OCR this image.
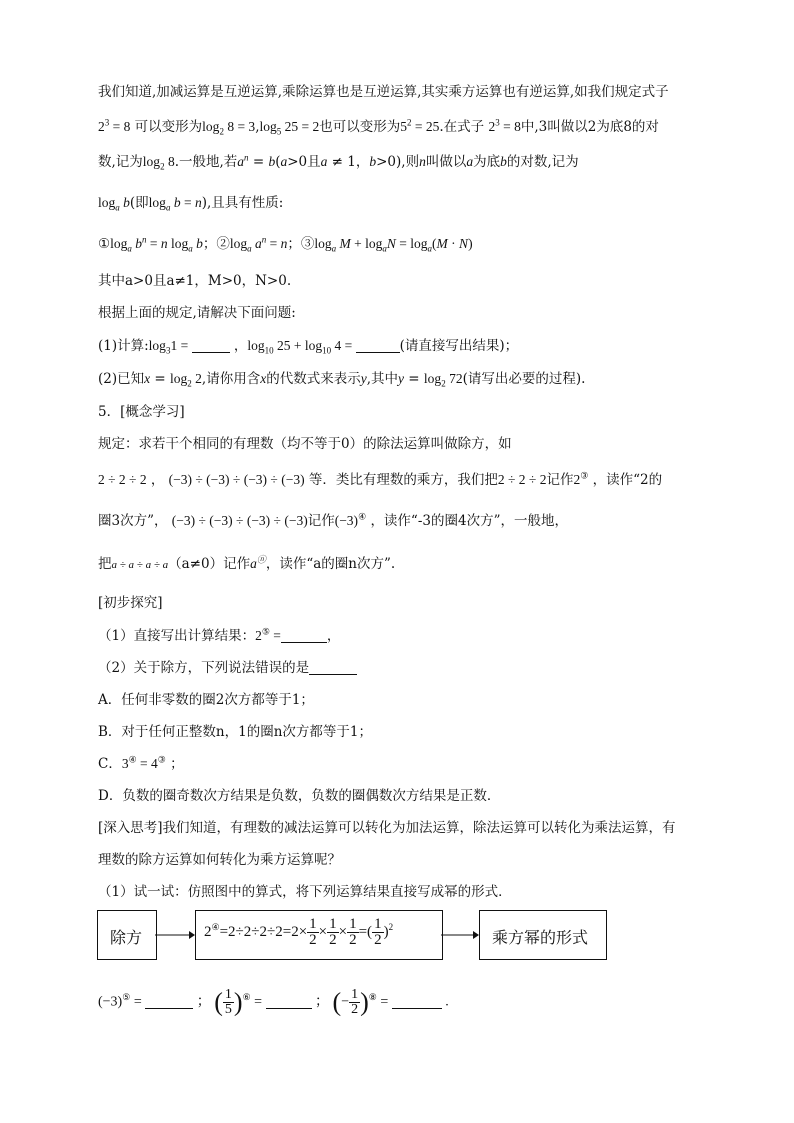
我们知道,加减运算是互逆运算,乘除运算也是互逆运算,其实乘方运算也有逆运算,如我们规定式子
$2^3 = 8$ 可以变形为$\log_2 8 = 3,\log_5$ 25 = 2也可以变形为$5^2 = 25$.在式子 $2^3 = 8$中,3叫做以2为底8的对
数,记为$\log_2 8$.一般地,若$a^n = b(a>0$且a ≠ 1，b>0),则n叫做以a为底b的对数,记为
$\log_a b$(即$\log_a b = n$),且具有性质:
$①\log_a$ $b^n = n$ $\log_a b$；$②\log_a$ $a^n = n$；$③\log_a$ $M + \log_aN = \log_a(M \cdot N)$
其中a>0且a≠1，M>0，N>0.
根据上面的规定,请解决下面问题:
(1)计算$:\log_31$ =	，$\log_{10} 25 + \log_{10} 4$ =	(请直接写出结果)；
(2)已知$x = \log_2 2$,请你用含x的代数式来表示y,其中$y = \log_2 72$(请写出必要的过程).
5．[概念学习]
规定：求若干个相同的有理数（均不等于0）的除法运算叫做除方，如
2 ÷ 2 ÷ 2 ， (−3) ÷ (−3) ÷ (−3) ÷ (−3) 等．类比有理数的乘方，我们把2 ÷ 2 ÷ 2记作2③ ，读作“2的
圈3次方”， (−3) ÷ (−3) ÷ (−3) ÷ (−3)记作(−3)④ ，读作“-3的圈4次方”，一般地，
把a ÷ a ÷ a ÷ a（a≠0）记作aⓝ，读作“a的圈n次方”.
[初步探究]
（1）直接写出计算结果：2⑤ =	，
（2）关于除方，下列说法错误的是
A．任何非零数的圈2次方都等于1；
B．对于任何正整数n，1的圈n次方都等于1；
C．3④ = 4③ ；
D．负数的圈奇数次方结果是负数，负数的圈偶数次方结果是正数．
[深入思考]我们知道，有理数的减法运算可以转化为加法运算，除法运算可以转化为乘法运算，有
理数的除方运算如何转化为乘方运算呢？
（1）试一试：仿照图中的算式，将下列运算结果直接写成幂的形式．
除方	$2^④=2\div 2\div 2\div 2=2\times \frac{1}{2} \times \frac{1}{2} \times \frac{1}{2}$ =( $\frac{1}{2} )^2$
乘方幂的形式
(−3)⑤ =	； ( $\frac{1}{5} )^⑥$ =	； (− $\frac{1}{2} )^⑧$ =	.
